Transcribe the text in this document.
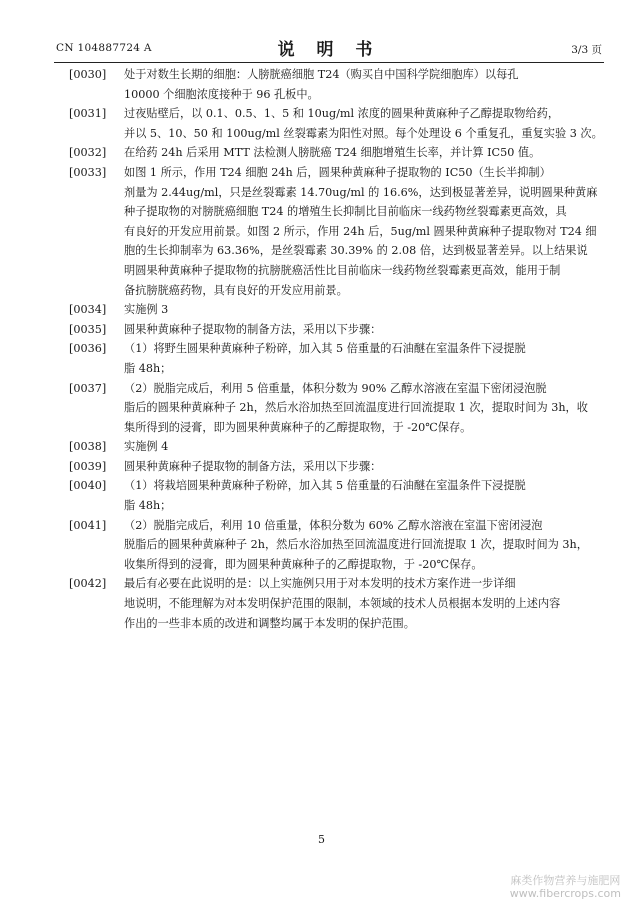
CN 104887724 A	说 明 书	3/3 页
[0030] 处于对数生长期的细胞：人膀胱癌细胞 T24（购买自中国科学院细胞库）以每孔
10000 个细胞浓度接种于 96 孔板中。
[0031] 过夜贴壁后，以 0.1、0.5、1、5 和 10ug/ml 浓度的圆果种黄麻种子乙醇提取物给药，
并以 5、10、50 和 100ug/ml 丝裂霉素为阳性对照。每个处理设 6 个重复孔，重复实验 3 次。
[0032] 在给药 24h 后采用 MTT 法检测人膀胱癌 T24 细胞增殖生长率，并计算 IC50 值。
[0033] 如图 1 所示，作用 T24 细胞 24h 后，圆果种黄麻种子提取物的 IC50（生长半抑制）
剂量为 2.44ug/ml，只是丝裂霉素 14.70ug/ml 的 16.6%，达到极显著差异，说明圆果种黄麻
种子提取物的对膀胱癌细胞 T24 的增殖生长抑制比目前临床一线药物丝裂霉素更高效，具
有良好的开发应用前景。如图 2 所示，作用 24h 后，5ug/ml 圆果种黄麻种子提取物对 T24 细
胞的生长抑制率为 63.36%，是丝裂霉素 30.39% 的 2.08 倍，达到极显著差异。以上结果说
明圆果种黄麻种子提取物的抗膀胱癌活性比目前临床一线药物丝裂霉素更高效，能用于制
备抗膀胱癌药物，具有良好的开发应用前景。
[0034] 实施例 3
[0035] 圆果种黄麻种子提取物的制备方法，采用以下步骤：
[0036] （1）将野生圆果种黄麻种子粉碎，加入其 5 倍重量的石油醚在室温条件下浸提脱
脂 48h；
[0037] （2）脱脂完成后，利用 5 倍重量，体积分数为 90% 乙醇水溶液在室温下密闭浸泡脱
脂后的圆果种黄麻种子 2h，然后水浴加热至回流温度进行回流提取 1 次，提取时间为 3h，收
集所得到的浸膏，即为圆果种黄麻种子的乙醇提取物，于 -20℃保存。
[0038] 实施例 4
[0039] 圆果种黄麻种子提取物的制备方法，采用以下步骤：
[0040] （1）将栽培圆果种黄麻种子粉碎，加入其 5 倍重量的石油醚在室温条件下浸提脱
脂 48h；
[0041] （2）脱脂完成后，利用 10 倍重量，体积分数为 60% 乙醇水溶液在室温下密闭浸泡
脱脂后的圆果种黄麻种子 2h，然后水浴加热至回流温度进行回流提取 1 次，提取时间为 3h，
收集所得到的浸膏，即为圆果种黄麻种子的乙醇提取物，于 -20℃保存。
[0042] 最后有必要在此说明的是：以上实施例只用于对本发明的技术方案作进一步详细
地说明，不能理解为对本发明保护范围的限制，本领域的技术人员根据本发明的上述内容
作出的一些非本质的改进和调整均属于本发明的保护范围。
5
麻类作物营养与施肥网
www.fibercrops.com
